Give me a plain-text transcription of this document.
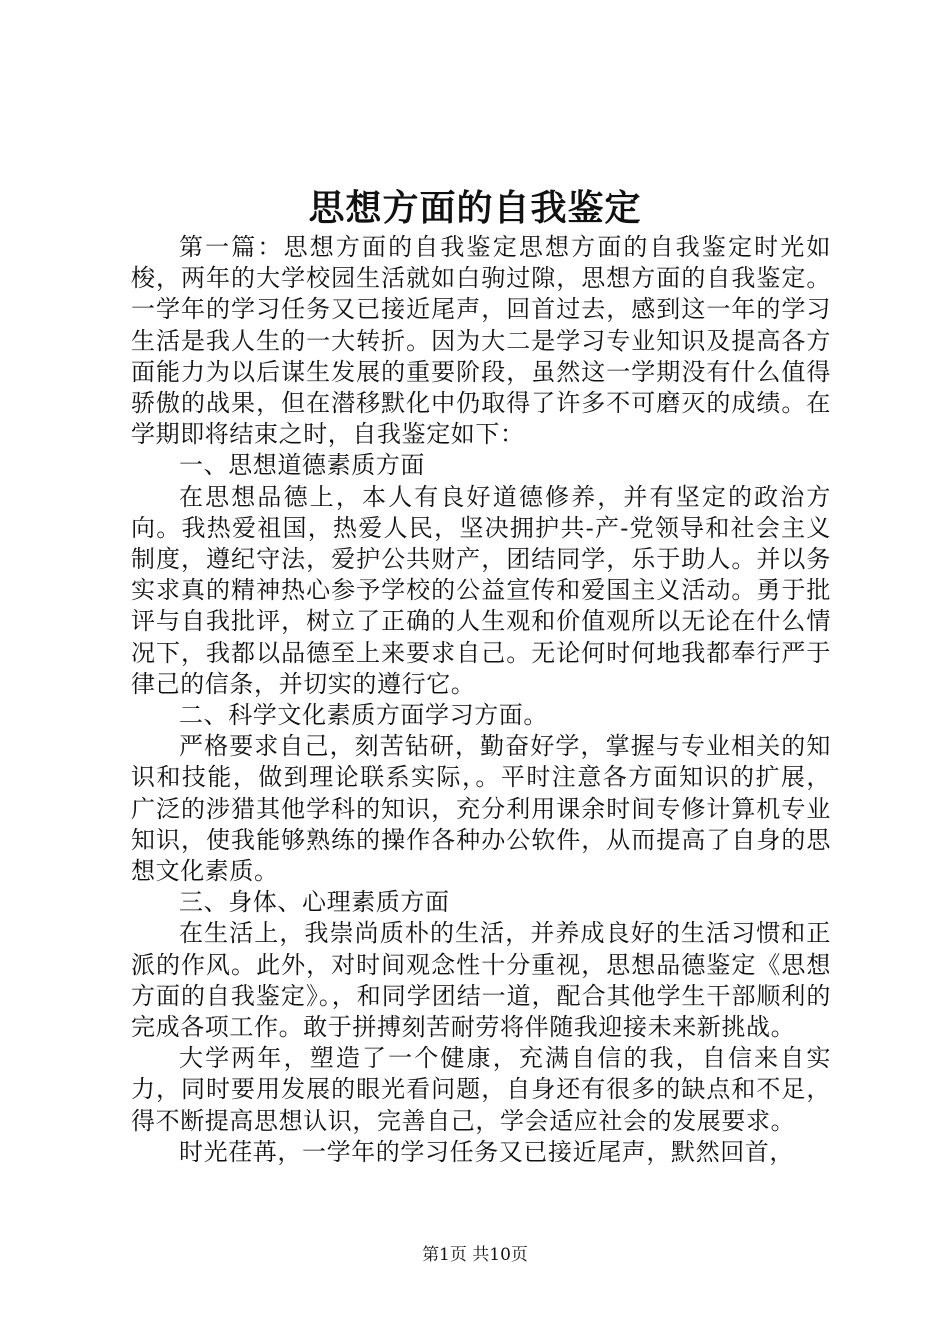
思想方面的自我鉴定

第一篇：思想方面的自我鉴定思想方面的自我鉴定时光如梭，两年的大学校园生活就如白驹过隙，思想方面的自我鉴定。一学年的学习任务又已接近尾声，回首过去，感到这一年的学习生活是我人生的一大转折。因为大二是学习专业知识及提高各方面能力为以后谋生发展的重要阶段，虽然这一学期没有什么值得骄傲的战果，但在潜移默化中仍取得了许多不可磨灭的成绩。在学期即将结束之时，自我鉴定如下：

一、思想道德素质方面

在思想品德上，本人有良好道德修养，并有坚定的政治方向。我热爱祖国，热爱人民，坚决拥护共-产-党领导和社会主义制度，遵纪守法，爱护公共财产，团结同学，乐于助人。并以务实求真的精神热心参予学校的公益宣传和爱国主义活动。勇于批评与自我批评，树立了正确的人生观和价值观所以无论在什么情况下，我都以品德至上来要求自己。无论何时何地我都奉行严于律己的信条，并切实的遵行它。

二、科学文化素质方面学习方面。

严格要求自己，刻苦钻研，勤奋好学，掌握与专业相关的知识和技能，做到理论联系实际，。平时注意各方面知识的扩展，广泛的涉猎其他学科的知识，充分利用课余时间专修计算机专业知识，使我能够熟练的操作各种办公软件，从而提高了自身的思想文化素质。

三、身体、心理素质方面

在生活上，我崇尚质朴的生活，并养成良好的生活习惯和正派的作风。此外，对时间观念性十分重视，思想品德鉴定《思想方面的自我鉴定》。，和同学团结一道，配合其他学生干部顺利的完成各项工作。敢于拼搏刻苦耐劳将伴随我迎接未来新挑战。

大学两年，塑造了一个健康，充满自信的我，自信来自实力，同时要用发展的眼光看问题，自身还有很多的缺点和不足，得不断提高思想认识，完善自己，学会适应社会的发展要求。

时光荏苒，一学年的学习任务又已接近尾声，默然回首，

第1页 共10页
